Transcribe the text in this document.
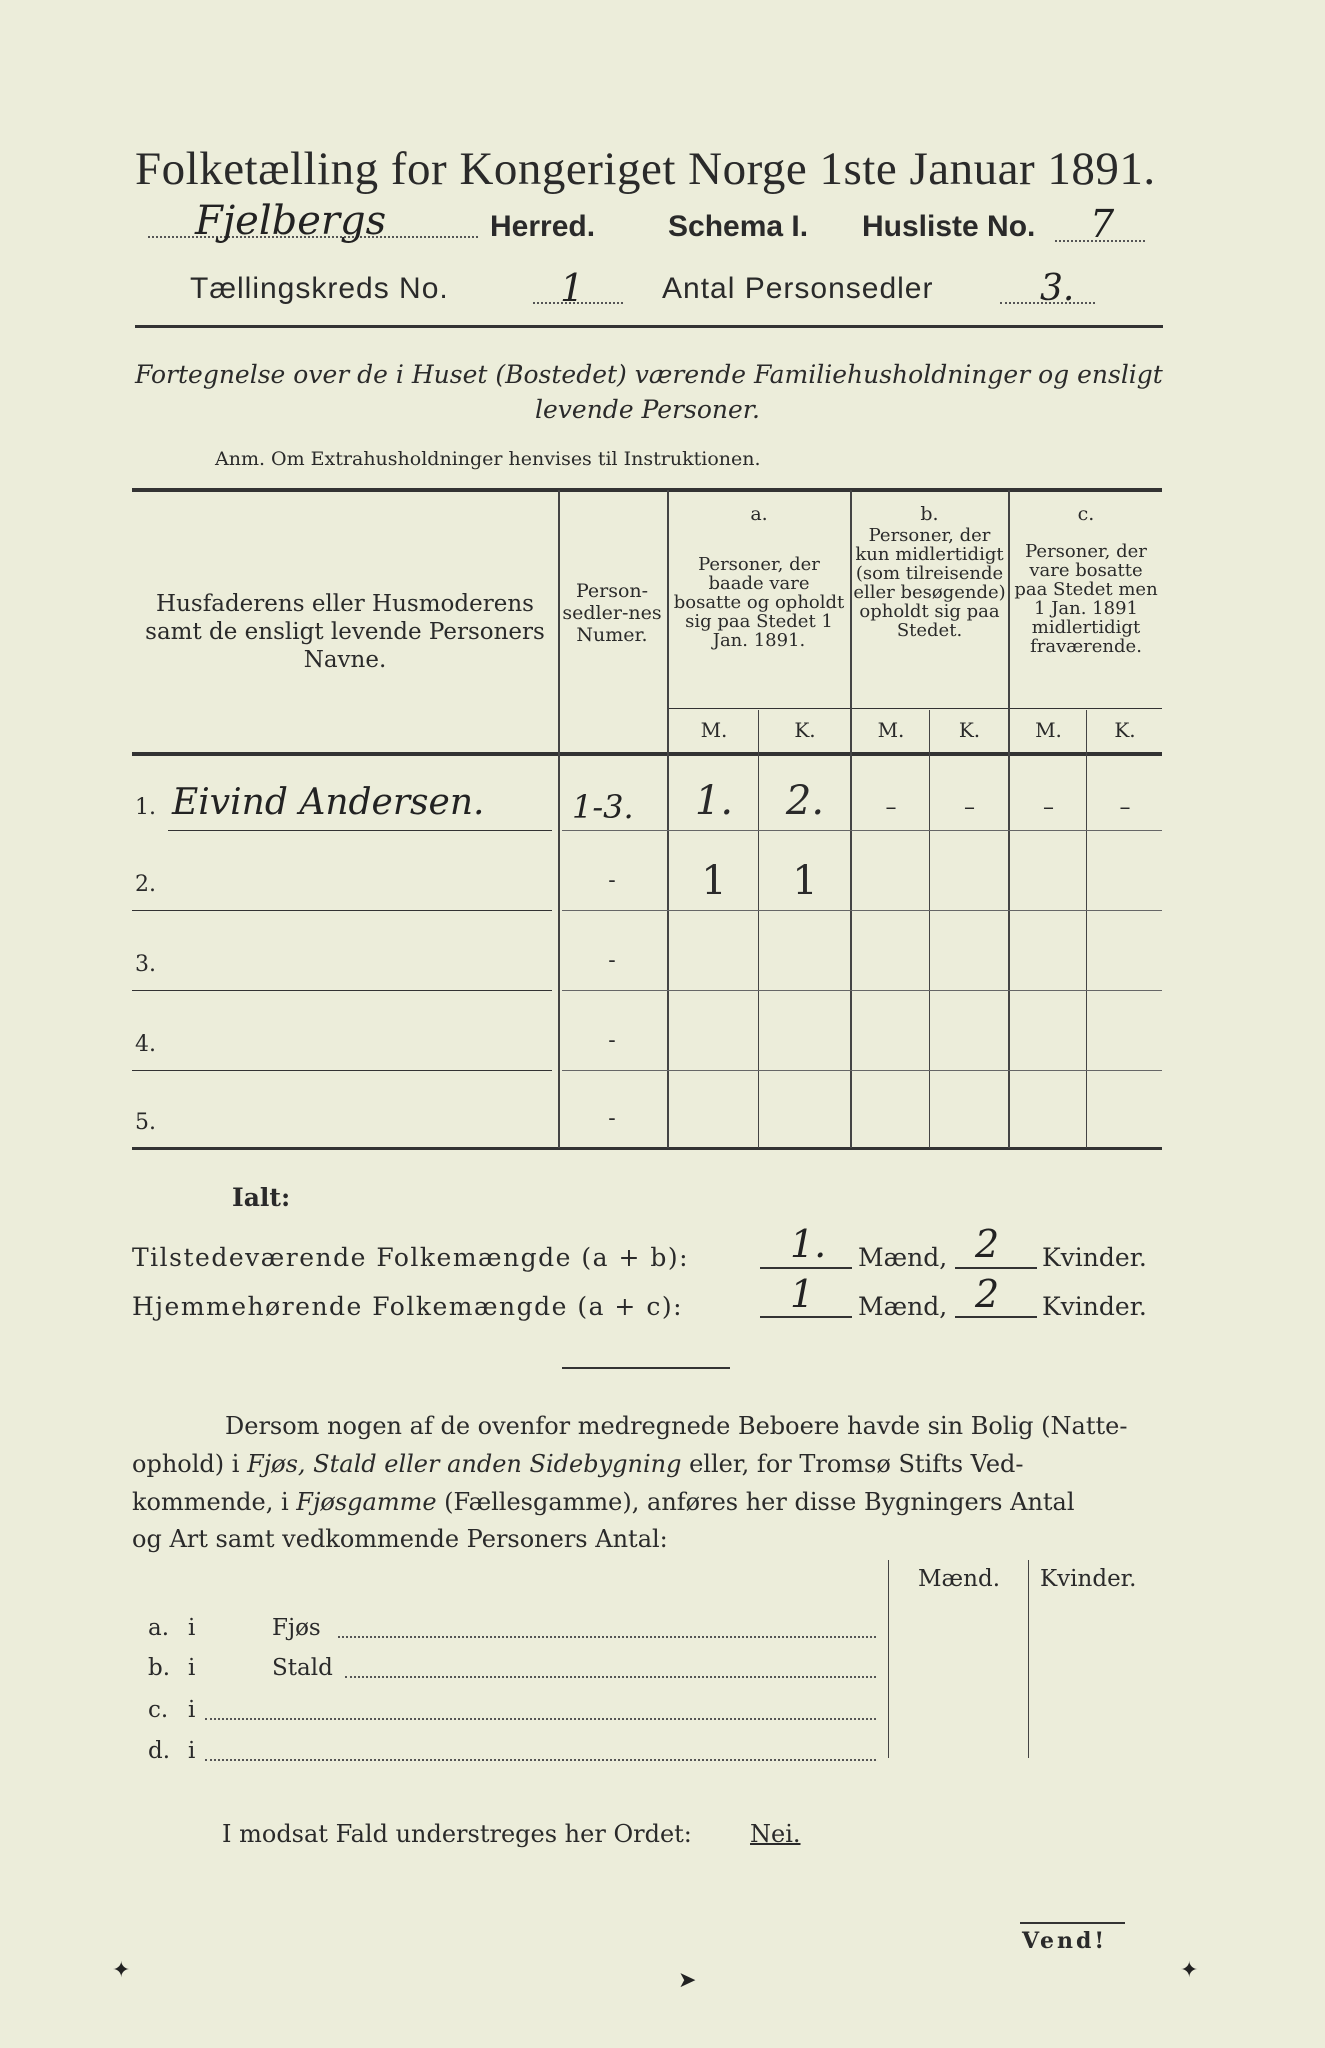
Folketælling for Kongeriget Norge 1ste Januar 1891.
Fjelbergs	Herred. Schema I. Husliste No. 7
Tællingskreds No.	1	Antal Personsedler	3.
Fortegnelse over de i Huset (Bostedet) værende Familiehusholdninger og ensligt
levende Personer.
Anm. Om Extrahusholdninger henvises til Instruktionen.
Husfaderens eller Husmoderens samt de ensligt levende Personers Navne.
Person-sedler-nes Numer.
a.
Personer, der baade vare bosatte og opholdt sig paa Stedet 1 Jan. 1891.
b.
Personer, der kun midlertidigt (som tilreisende eller besøgende) opholdt sig paa Stedet.
c.
Personer, der vare bosatte paa Stedet men 1 Jan. 1891 midlertidigt fraværende.
M.	K.	M.	K.	M.	K.
1. Eivind Andersen.	1-3.	1.	2.	–	–	–	–
2.	-	1	1
3.	-
4.	-
5.	-
Ialt:
Tilstedeværende Folkemængde (a + b):	1. Mænd, 2 Kvinder.
Hjemmehørende Folkemængde (a + c):	1 Mænd, 2 Kvinder.
Dersom nogen af de ovenfor medregnede Beboere havde sin Bolig (Natte-
ophold) i Fjøs, Stald eller anden Sidebygning eller, for Tromsø Stifts Ved-
kommende, i Fjøsgamme (Fællesgamme), anføres her disse Bygningers Antal
og Art samt vedkommende Personers Antal:
Mænd. Kvinder.
a. i	Fjøs
b. i	Stald
c. i
d. i
I modsat Fald understreges her Ordet: Nei.
Vend!
✦	➤	✦
